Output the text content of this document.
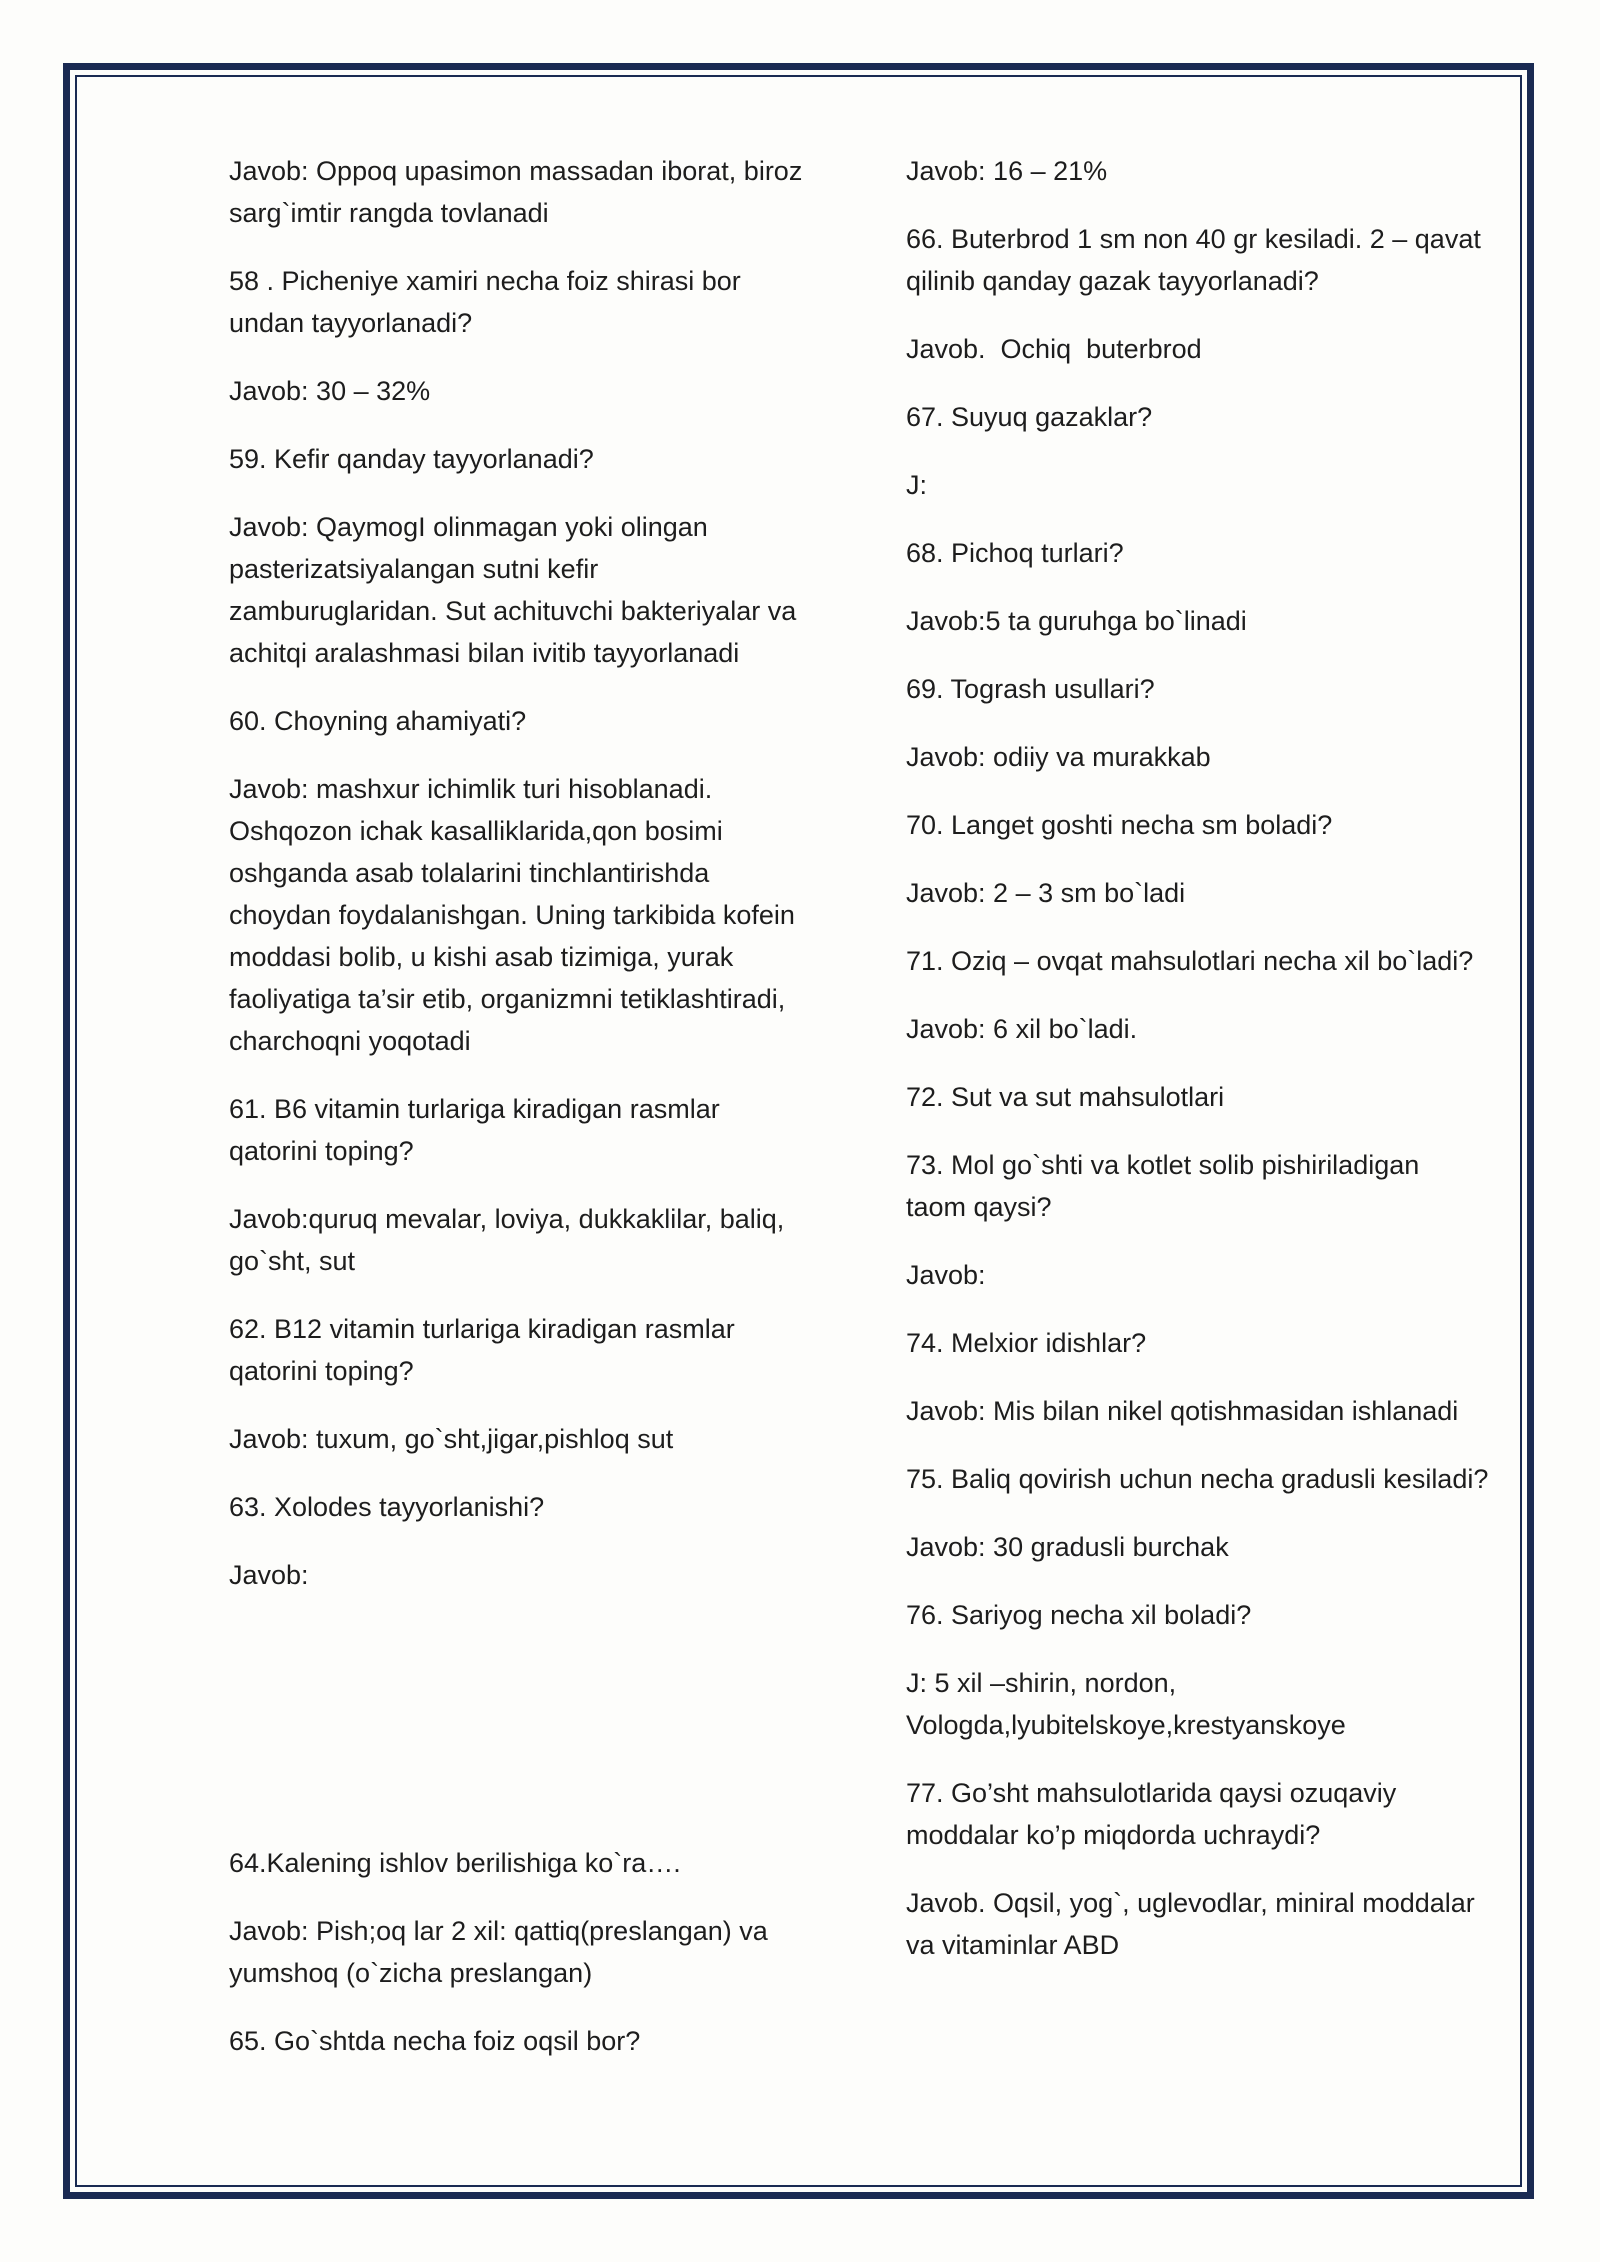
Javob: Oppoq upasimon massadan iborat, biroz
sarg`imtir rangda tovlanadi

58 . Picheniye xamiri necha foiz shirasi bor
undan tayyorlanadi?

Javob: 30 – 32%

59. Kefir qanday tayyorlanadi?

Javob: QaymogI olinmagan yoki olingan
pasterizatsiyalangan sutni kefir
zamburuglaridan. Sut achituvchi bakteriyalar va
achitqi aralashmasi bilan ivitib tayyorlanadi

60. Choyning ahamiyati?

Javob: mashxur ichimlik turi hisoblanadi.
Oshqozon ichak kasalliklarida,qon bosimi
oshganda asab tolalarini tinchlantirishda
choydan foydalanishgan. Uning tarkibida kofein
moddasi bolib, u kishi asab tizimiga, yurak
faoliyatiga ta’sir etib, organizmni tetiklashtiradi,
charchoqni yoqotadi

61. B6 vitamin turlariga kiradigan rasmlar
qatorini toping?

Javob:quruq mevalar, loviya, dukkaklilar, baliq,
go`sht, sut

62. B12 vitamin turlariga kiradigan rasmlar
qatorini toping?

Javob: tuxum, go`sht,jigar,pishloq sut

63. Xolodes tayyorlanishi?

Javob:

64.Kalening ishlov berilishiga ko`ra….

Javob: Pish;oq lar 2 xil: qattiq(preslangan) va
yumshoq (o`zicha preslangan)

65. Go`shtda necha foiz oqsil bor?

Javob: 16 – 21%

66. Buterbrod 1 sm non 40 gr kesiladi. 2 – qavat
qilinib qanday gazak tayyorlanadi?

Javob.  Ochiq  buterbrod

67. Suyuq gazaklar?

J:

68. Pichoq turlari?

Javob:5 ta guruhga bo`linadi

69. Togrash usullari?

Javob: odiiy va murakkab

70. Langet goshti necha sm boladi?

Javob: 2 – 3 sm bo`ladi

71. Oziq – ovqat mahsulotlari necha xil bo`ladi?

Javob: 6 xil bo`ladi.

72. Sut va sut mahsulotlari

73. Mol go`shti va kotlet solib pishiriladigan
taom qaysi?

Javob:

74. Melxior idishlar?

Javob: Mis bilan nikel qotishmasidan ishlanadi

75. Baliq qovirish uchun necha gradusli kesiladi?

Javob: 30 gradusli burchak

76. Sariyog necha xil boladi?

J: 5 xil –shirin, nordon,
Vologda,lyubitelskoye,krestyanskoye

77. Go’sht mahsulotlarida qaysi ozuqaviy
moddalar ko’p miqdorda uchraydi?

Javob. Oqsil, yog`, uglevodlar, miniral moddalar
va vitaminlar ABD
